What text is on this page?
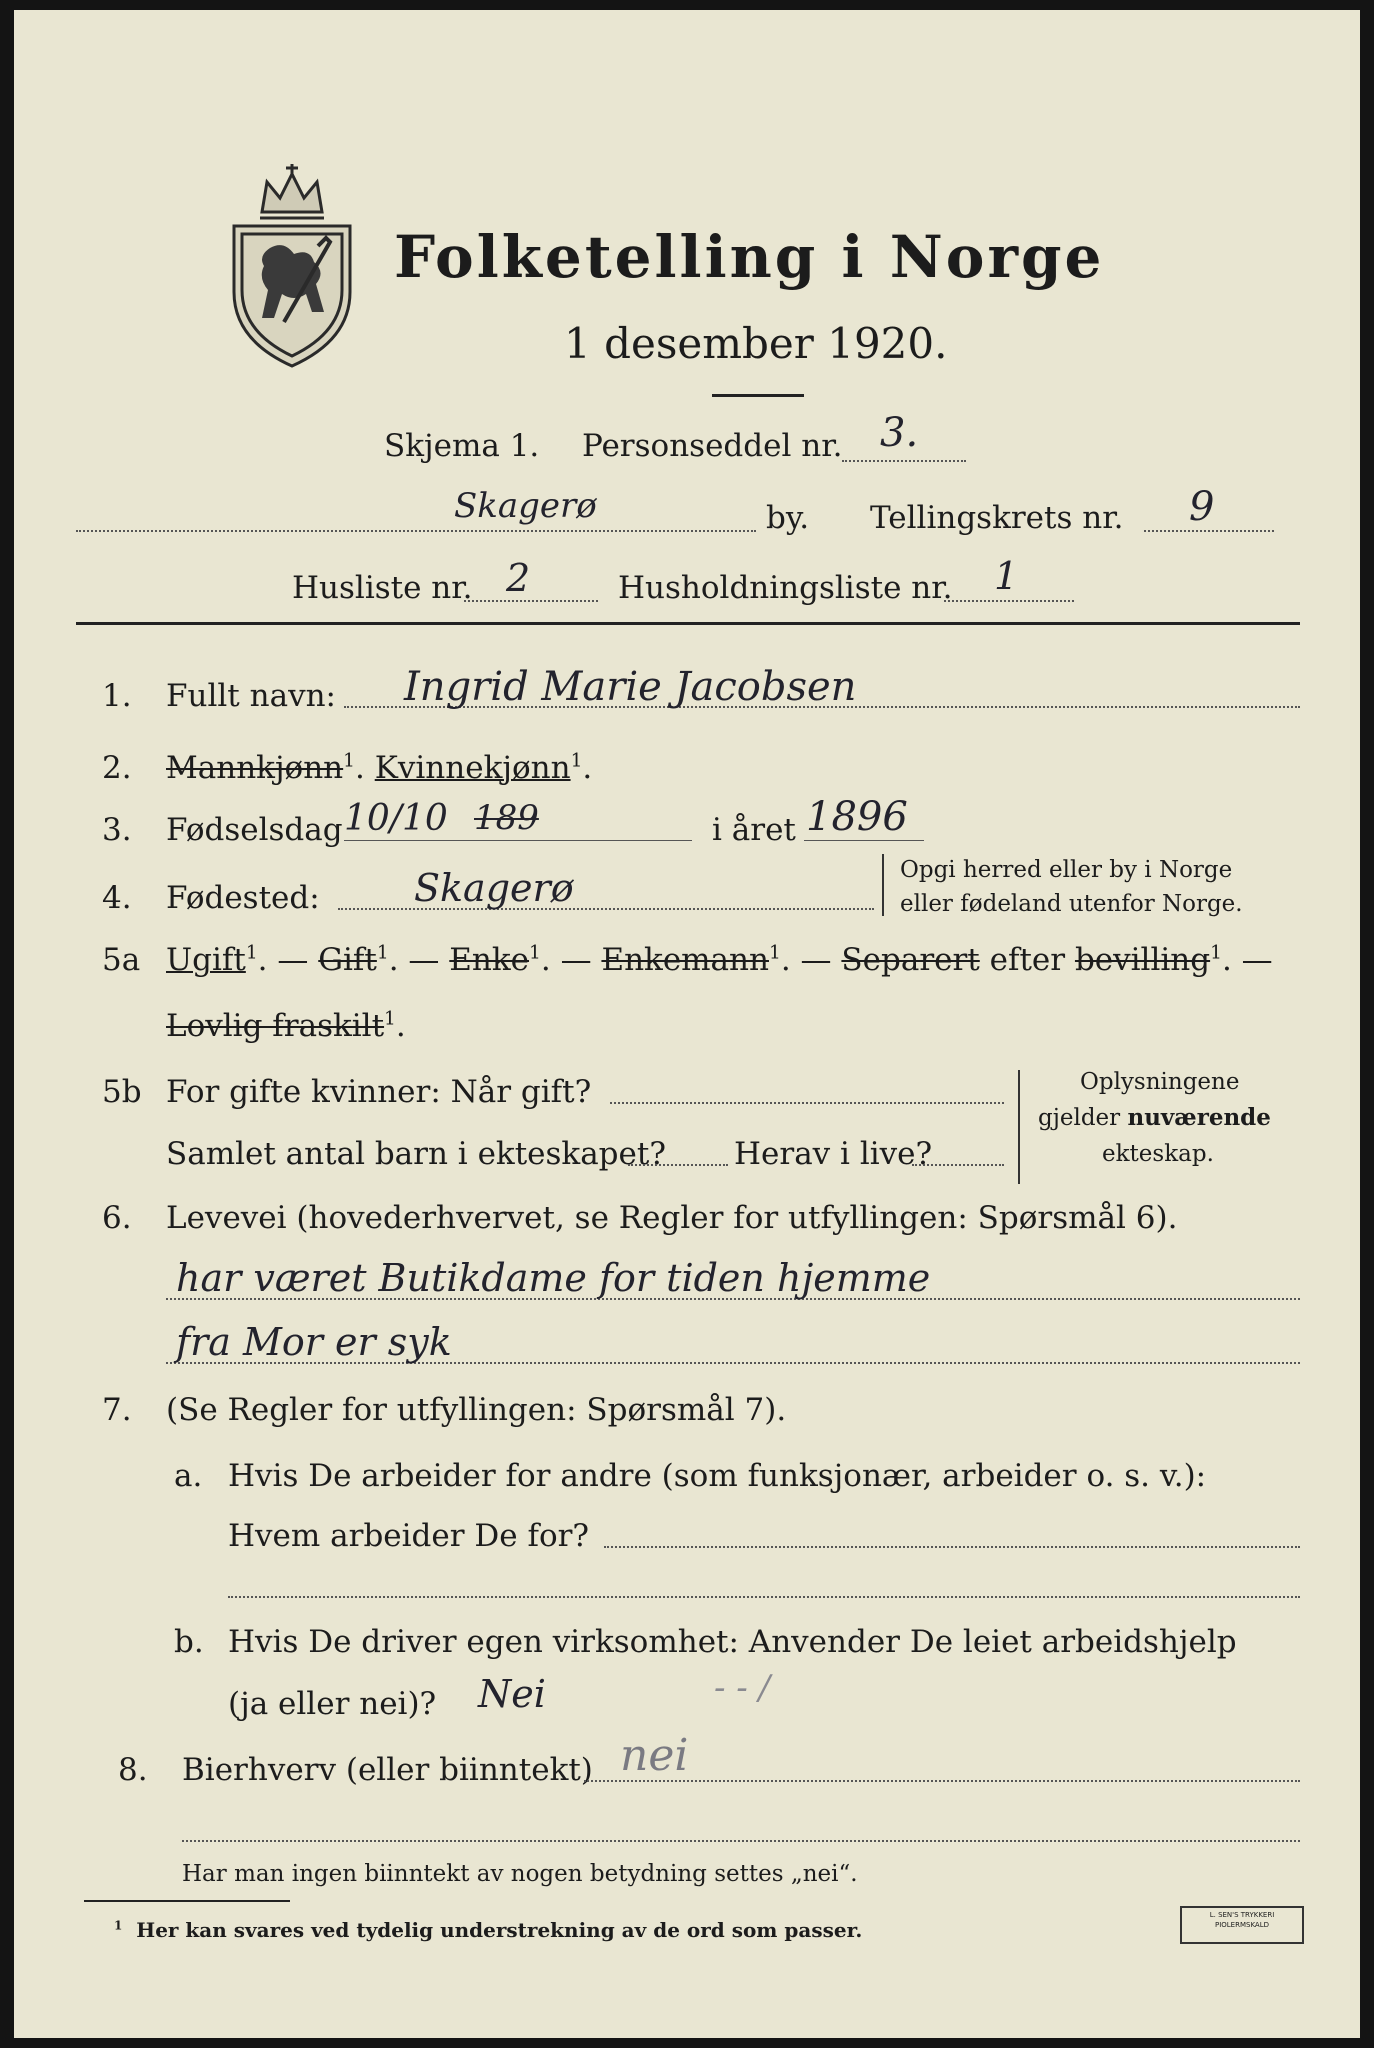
Folketelling i Norge
1 desember 1920.
Skjema 1. Personseddel nr. 3.
Skagerø	by. Tellingskrets nr. 9
Husliste nr. 2	Husholdningsliste nr. 1
1. Fullt navn: Ingrid Marie Jacobsen
2. Mannkjønn$^1$. Kvinnekjønn$^1$.
3. Fødselsdag 10/10 189	i året 1896
4. Fødested: Skagerø	Opgi herred eller by i Norge
eller fødeland utenfor Norge.
5a Ugift$^1$. — Gift$^1$. — Enke$^1$. — Enkemann$^1$. — Separert efter bevilling$^1$. —
Lovlig fraskilt$^1$.
5b For gifte kvinner: Når gift?
Samlet antal barn i ekteskapet? Herav i live?
Oplysningene
gjelder nuværende
ekteskap.
6. Levevei (hovederhvervet, se Regler for utfyllingen: Spørsmål 6).
har været Butikdame for tiden hjemme
fra Mor er syk
7. (Se Regler for utfyllingen: Spørsmål 7).
a. Hvis De arbeider for andre (som funksjonær, arbeider o. s. v.):
Hvem arbeider De for?
b. Hvis De driver egen virksomhet: Anvender De leiet arbeidshjelp
(ja eller nei)? Nei	- - /
8. Bierhverv (eller biinntekt) nei
Har man ingen biinntekt av nogen betydning settes „nei“.
$^1$ Her kan svares ved tydelig understrekning av de ord som passer.
L. SEN'S TRYKKERI
PIOLERMSKALD
